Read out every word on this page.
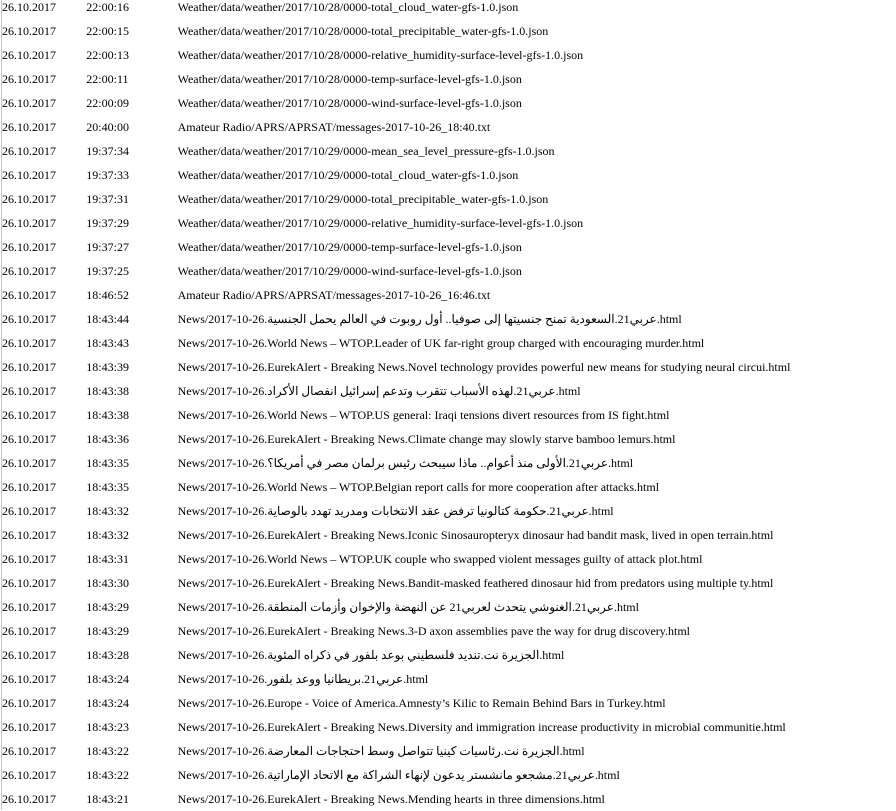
26.10.2017	22:00:16	Weather/data/weather/2017/10/28/0000-total_cloud_water-gfs-1.0.json
26.10.2017	22:00:15	Weather/data/weather/2017/10/28/0000-total_precipitable_water-gfs-1.0.json
26.10.2017	22:00:13	Weather/data/weather/2017/10/28/0000-relative_humidity-surface-level-gfs-1.0.json
26.10.2017	22:00:11	Weather/data/weather/2017/10/28/0000-temp-surface-level-gfs-1.0.json
26.10.2017	22:00:09	Weather/data/weather/2017/10/28/0000-wind-surface-level-gfs-1.0.json
26.10.2017	20:40:00	Amateur Radio/APRS/APRSAT/messages-2017-10-26_18:40.txt
26.10.2017	19:37:34	Weather/data/weather/2017/10/29/0000-mean_sea_level_pressure-gfs-1.0.json
26.10.2017	19:37:33	Weather/data/weather/2017/10/29/0000-total_cloud_water-gfs-1.0.json
26.10.2017	19:37:31	Weather/data/weather/2017/10/29/0000-total_precipitable_water-gfs-1.0.json
26.10.2017	19:37:29	Weather/data/weather/2017/10/29/0000-relative_humidity-surface-level-gfs-1.0.json
26.10.2017	19:37:27	Weather/data/weather/2017/10/29/0000-temp-surface-level-gfs-1.0.json
26.10.2017	19:37:25	Weather/data/weather/2017/10/29/0000-wind-surface-level-gfs-1.0.json
26.10.2017	18:46:52	Amateur Radio/APRS/APRSAT/messages-2017-10-26_16:46.txt
26.10.2017	18:43:44	News/2017-10-26.عربي21.السعودية تمنح جنسيتها إلى صوفيا.. أول روبوت في العالم يحمل الجنسية.html
26.10.2017	18:43:43	News/2017-10-26.World News – WTOP.Leader of UK far-right group charged with encouraging murder.html
26.10.2017	18:43:39	News/2017-10-26.EurekAlert - Breaking News.Novel technology provides powerful new means for studying neural circui.html
26.10.2017	18:43:38	News/2017-10-26.عربي21.لهذه الأسباب تتقرب وتدعم إسرائيل انفصال الأكراد.html
26.10.2017	18:43:38	News/2017-10-26.World News – WTOP.US general: Iraqi tensions divert resources from IS fight.html
26.10.2017	18:43:36	News/2017-10-26.EurekAlert - Breaking News.Climate change may slowly starve bamboo lemurs.html
26.10.2017	18:43:35	News/2017-10-26.عربي21.الأولى منذ أعوام.. ماذا سيبحث رئيس برلمان مصر في أمريكا؟.html
26.10.2017	18:43:35	News/2017-10-26.World News – WTOP.Belgian report calls for more cooperation after attacks.html
26.10.2017	18:43:32	News/2017-10-26.عربي21.حكومة كتالونيا ترفض عقد الانتخابات ومدريد تهدد بالوصاية.html
26.10.2017	18:43:32	News/2017-10-26.EurekAlert - Breaking News.Iconic Sinosauropteryx dinosaur had bandit mask, lived in open terrain.html
26.10.2017	18:43:31	News/2017-10-26.World News – WTOP.UK couple who swapped violent messages guilty of attack plot.html
26.10.2017	18:43:30	News/2017-10-26.EurekAlert - Breaking News.Bandit-masked feathered dinosaur hid from predators using multiple ty.html
26.10.2017	18:43:29	News/2017-10-26.عربي21.الغنوشي يتحدث لعربي21 عن النهضة والإخوان وأزمات المنطقة.html
26.10.2017	18:43:29	News/2017-10-26.EurekAlert - Breaking News.3-D axon assemblies pave the way for drug discovery.html
26.10.2017	18:43:28	News/2017-10-26.الجزيرة نت.تنديد فلسطيني بوعد بلفور في ذكراه المئوية.html
26.10.2017	18:43:24	News/2017-10-26.عربي21.بريطانيا ووعد بلفور.html
26.10.2017	18:43:24	News/2017-10-26.Europe - Voice of America.Amnesty’s Kilic to Remain Behind Bars in Turkey.html
26.10.2017	18:43:23	News/2017-10-26.EurekAlert - Breaking News.Diversity and immigration increase productivity in microbial communitie.html
26.10.2017	18:43:22	News/2017-10-26.الجزيرة نت.رئاسيات كينيا تتواصل وسط احتجاجات المعارضة.html
26.10.2017	18:43:22	News/2017-10-26.عربي21.مشجعو مانشستر يدعون لإنهاء الشراكة مع الاتحاد الإماراتية.html
26.10.2017	18:43:21	News/2017-10-26.EurekAlert - Breaking News.Mending hearts in three dimensions.html
